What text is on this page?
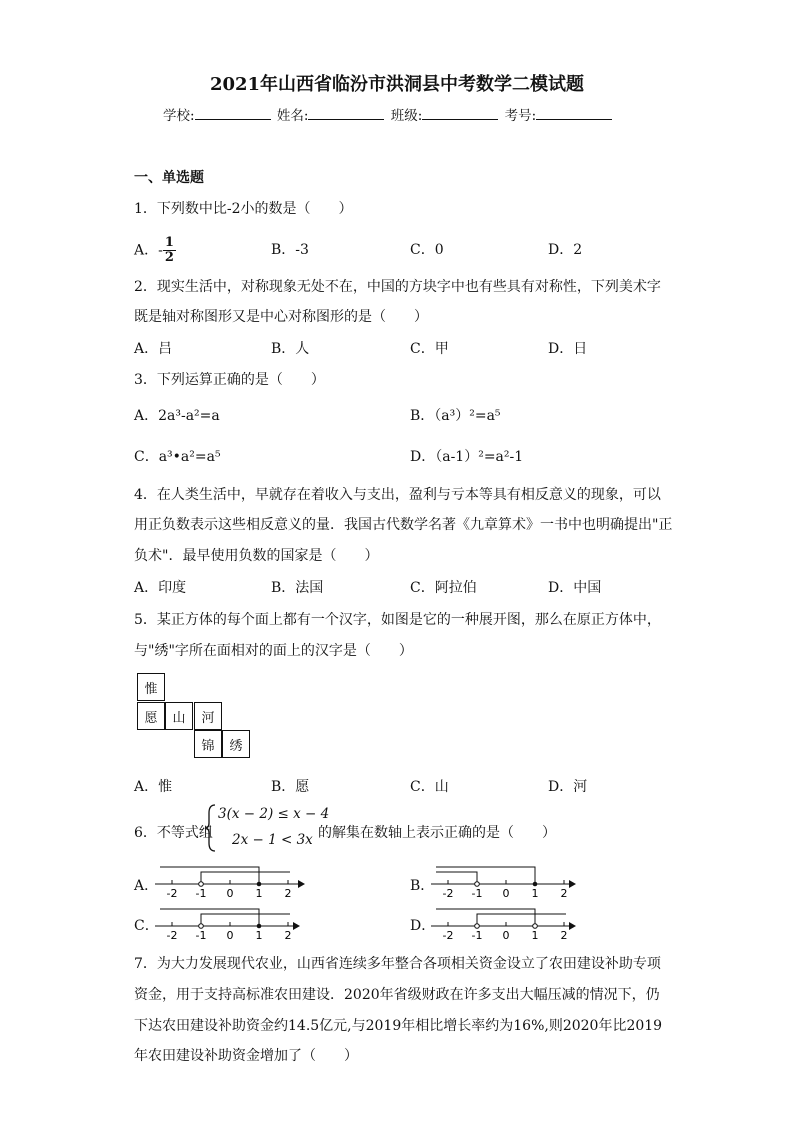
2021年山西省临汾市洪洞县中考数学二模试题
学校:	姓名:	班级:	考号:
一、单选题
1．下列数中比-2小的数是（　　）
A．- $\frac{1}{2}$	B．-3	C．0	D．2
2．现实生活中，对称现象无处不在，中国的方块字中也有些具有对称性，下列美术字
既是轴对称图形又是中心对称图形的是（　　）
A．吕	B．人	C．甲	D．日
3．下列运算正确的是（　　）
A．2a³-a²=a	B．（a³）²=a⁵
C．a³•a²=a⁵	D．（a-1）²=a²-1
4．在人类生活中，早就存在着收入与支出，盈利与亏本等具有相反意义的现象，可以
用正负数表示这些相反意义的量．我国古代数学名著《九章算术》一书中也明确提出"正
负术"．最早使用负数的国家是（　　）
A．印度	B．法国	C．阿拉伯	D．中国
5．某正方体的每个面上都有一个汉字，如图是它的一种展开图，那么在原正方体中，
与"绣"字所在面相对的面上的汉字是（　　）
惟
愿	山	河
锦	绣
A．惟	B．愿	C．山	D．河
6．不等式组
3(x − 2) ≤ x − 4
2x − 1 < 3x 的解集在数轴上表示正确的是（　　）
A．	B．
C．	D．
-2 -1 0 1 2	-2 -1 0 1 2
-2 -1 0 1 2	-2 -1 0 1 2
7．为大力发展现代农业，山西省连续多年整合各项相关资金设立了农田建设补助专项
资金，用于支持高标准农田建设．2020年省级财政在许多支出大幅压减的情况下，仍
下达农田建设补助资金约14.5亿元,与2019年相比增长率约为16%,则2020年比2019
年农田建设补助资金增加了（　　）
